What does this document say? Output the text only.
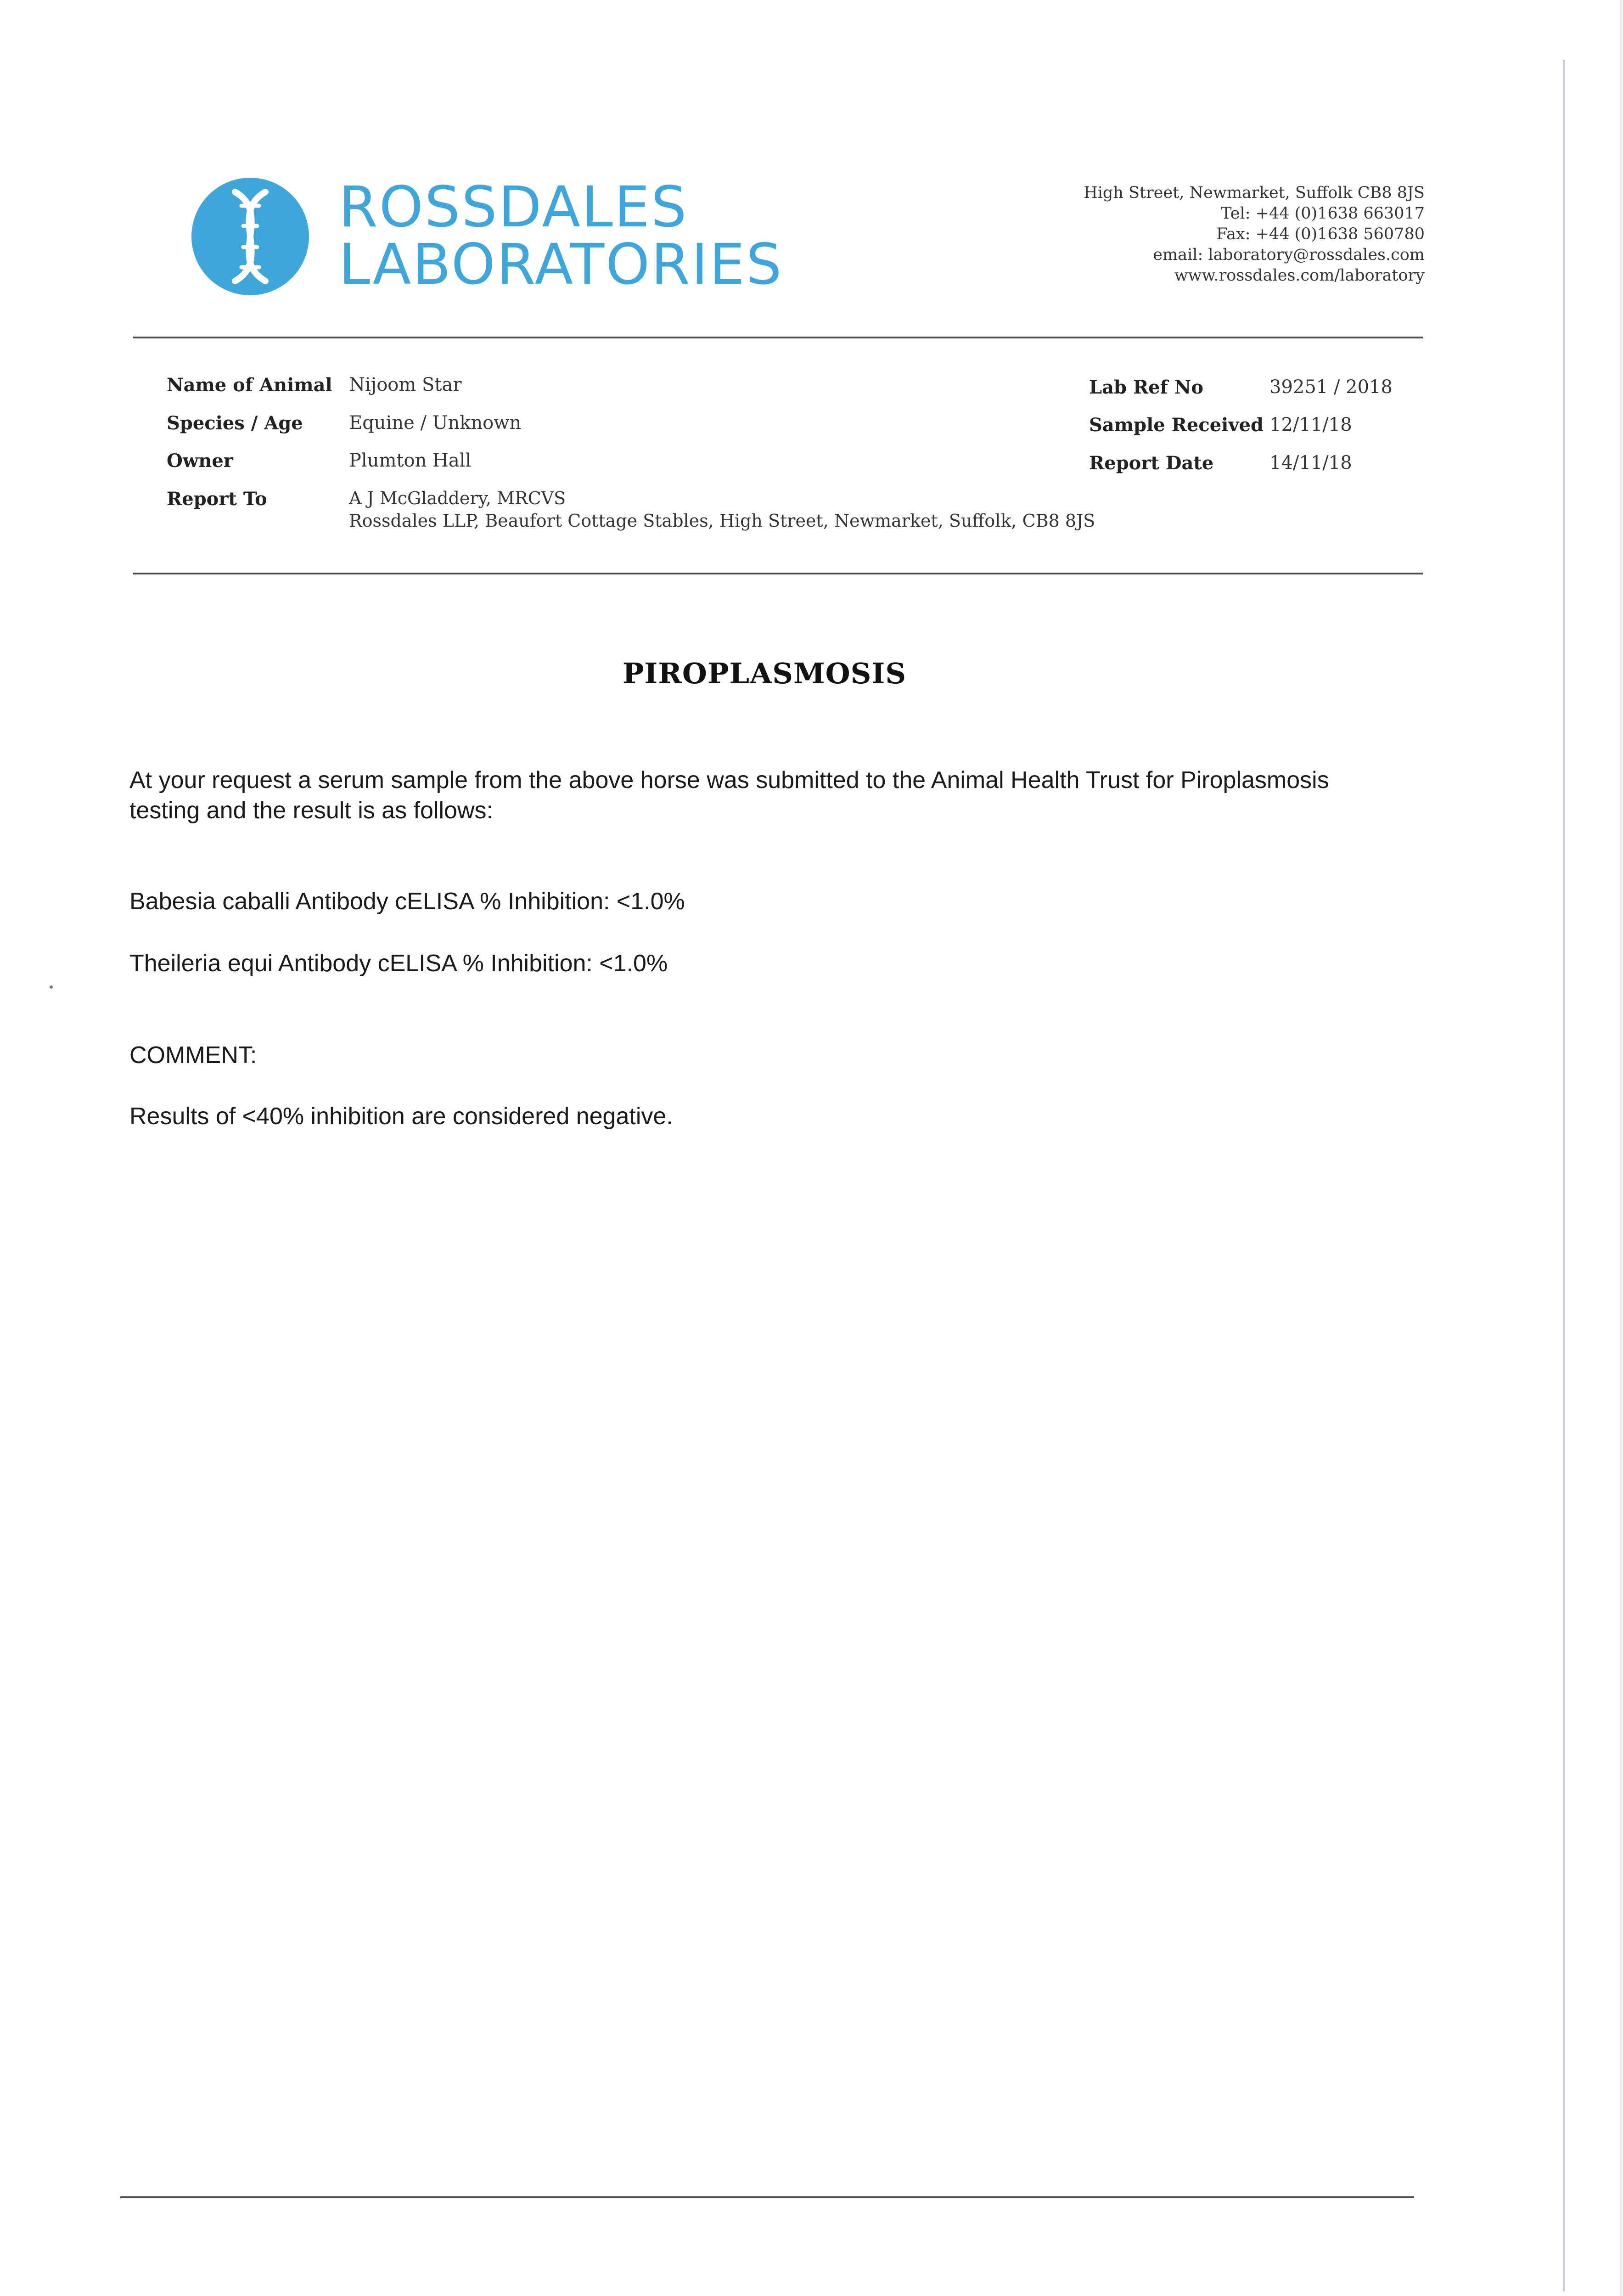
ROSSDALES
LABORATORIES
High Street, Newmarket, Suffolk CB8 8JS
Tel: +44 (0)1638 663017
Fax: +44 (0)1638 560780
email: laboratory@rossdales.com
www.rossdales.com/laboratory
Name of Animal Nijoom Star
Species / Age	Equine / Unknown
Owner	Plumton Hall
Report To	A J McGladdery, MRCVS
Rossdales LLP, Beaufort Cottage Stables, High Street, Newmarket, Suffolk, CB8 8JS
Lab Ref No	39251 / 2018
Sample Received 12/11/18
Report Date	14/11/18
PIROPLASMOSIS
At your request a serum sample from the above horse was submitted to the Animal Health Trust for Piroplasmosis
testing and the result is as follows:
Babesia caballi Antibody cELISA % Inhibition: <1.0%
Theileria equi Antibody cELISA % Inhibition: <1.0%
COMMENT:
Results of <40% inhibition are considered negative.
